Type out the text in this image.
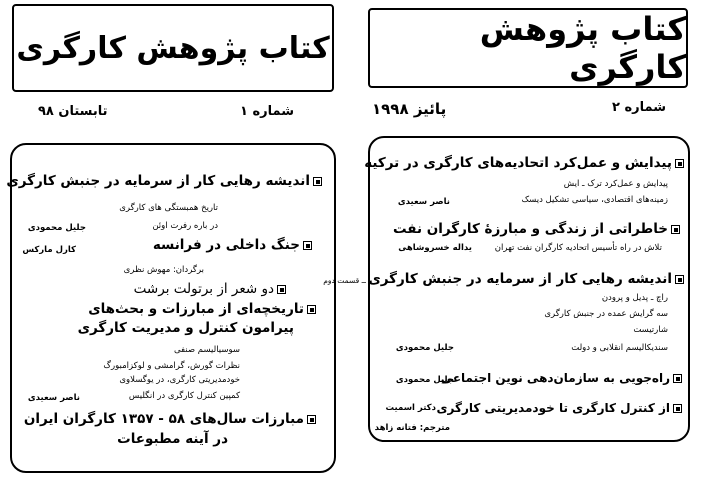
کتاب پژوهش کارگری
شماره ۱
تابستان ۹۸
اندیشه رهایی کار از سرمایه در جنبش کارگری
تاریخ همبستگی های کارگری
در باره رفرت اوئن
جلیل محمودی
کارل مارکس	جنگ داخلی در فرانسه
برگردان: مهوش نظری
دو شعر از برتولت برشت
تاریخچه‌ای از مبارزات و بحث‌های
پیرامون کنترل و مدیریت کارگری
سوسیالیسم صنفی
نظرات گورش، گرامشی و لوکزامبورگ
خودمدیریتی کارگری، در یوگسلاوی
کمپین کنترل کارگری در انگلیس
ناصر سعیدی
مبارزات سال‌های ۵۸ - ۱۳۵۷ کارگران ایران
در آینه مطبوعات
کتاب پژوهش کارگری
شماره ۲
پائیز ۱۹۹۸
پیدایش و عمل‌کرد اتحادیه‌های کارگری در ترکیه
پیدایش و عمل‌کرد ترک ـ ایش
زمینه‌های اقتصادی، سیاسی تشکیل دیسک
ناصر سعیدی
خاطراتی از زندگی و مبارزهٔ کارگران نفت
تلاش در راه تأسیس اتحادیه کارگران نفت تهران
یداله خسروشاهی
اندیشه رهایی کار از سرمایه در جنبش کارگری ــ قسمت دوم
راچ ـ پدیل و پرودن
سه گرایش عمده در جنبش کارگری
شارتیست
سندیکالیسم انقلابی و دولت
جلیل محمودی
راه‌جویی به سازمان‌دهی نوین اجتماعی
جلیل محمودی
از کنترل کارگری تا خودمدیریتی کارگری
دکتر اسمیت
مترجم: فتانه زاهد
